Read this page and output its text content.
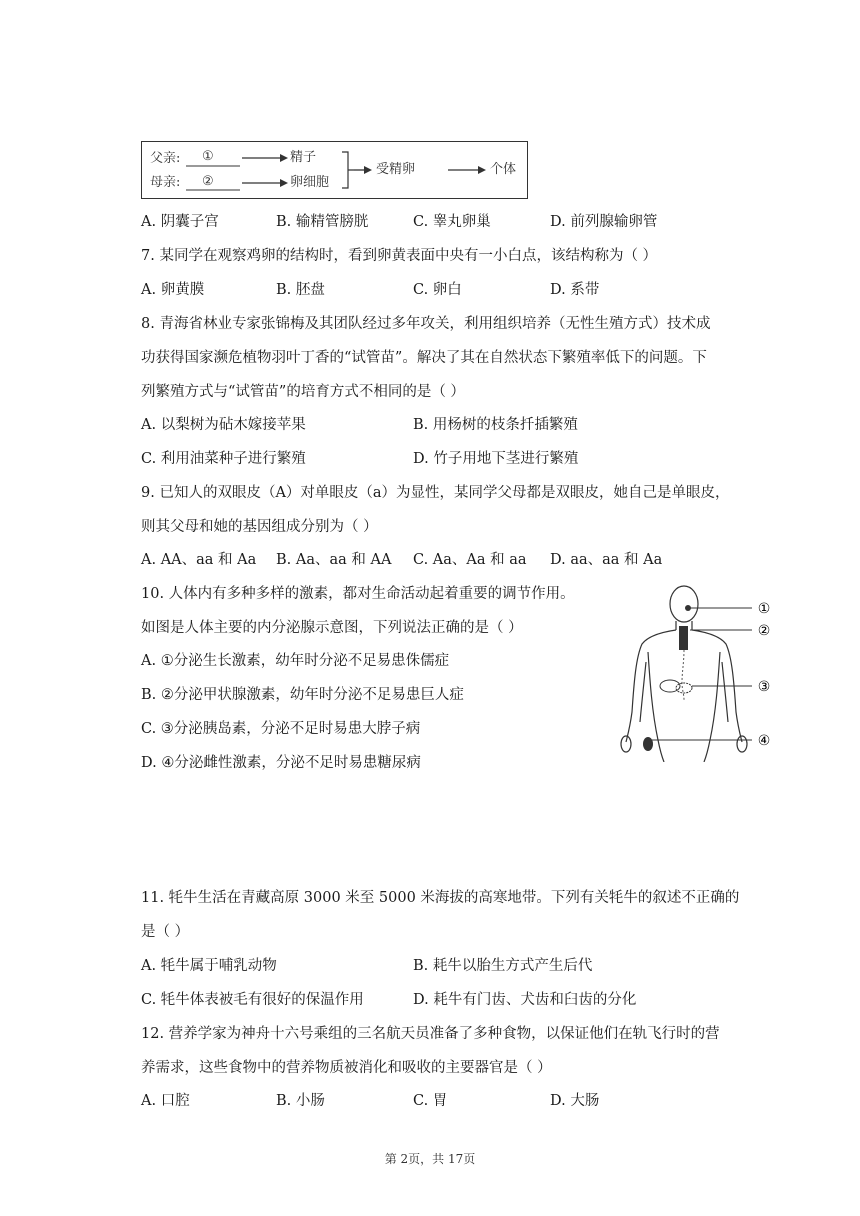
父亲:
母亲:
①
②
精子
卵细胞
受精卵	个体
A. 阴囊子宫	B. 输精管膀胱	C. 睾丸卵巢	D. 前列腺输卵管
7. 某同学在观察鸡卵的结构时，看到卵黄表面中央有一小白点，该结构称为（ ）
A. 卵黄膜	B. 胚盘	C. 卵白	D. 系带
8. 青海省林业专家张锦梅及其团队经过多年攻关，利用组织培养（无性生殖方式）技术成
功获得国家濒危植物羽叶丁香的“试管苗”。解决了其在自然状态下繁殖率低下的问题。下
列繁殖方式与“试管苗”的培育方式不相同的是（ ）
A. 以梨树为砧木嫁接苹果	B. 用杨树的枝条扦插繁殖
C. 利用油菜种子进行繁殖	D. 竹子用地下茎进行繁殖
9. 已知人的双眼皮（A）对单眼皮（a）为显性，某同学父母都是双眼皮，她自己是单眼皮，
则其父母和她的基因组成分别为（ ）
A. AA、aa 和 Aa B. Aa、aa 和 AA C. Aa、Aa 和 aa D. aa、aa 和 Aa
10. 人体内有多种多样的激素，都对生命活动起着重要的调节作用。
如图是人体主要的内分泌腺示意图，下列说法正确的是（ ）
A. ①分泌生长激素，幼年时分泌不足易患侏儒症
B. ②分泌甲状腺激素，幼年时分泌不足易患巨人症
C. ③分泌胰岛素，分泌不足时易患大脖子病
D. ④分泌雌性激素，分泌不足时易患糖尿病
①
②
③
④
11. 牦牛生活在青藏高原 3000 米至 5000 米海拔的高寒地带。下列有关牦牛的叙述不正确的
是（ ）
A. 牦牛属于哺乳动物	B. 耗牛以胎生方式产生后代
C. 牦牛体表被毛有很好的保温作用	D. 耗牛有门齿、犬齿和臼齿的分化
12. 营养学家为神舟十六号乘组的三名航天员准备了多种食物，以保证他们在轨飞行时的营
养需求，这些食物中的营养物质被消化和吸收的主要器官是（ ）
A. 口腔	B. 小肠	C. 胃	D. 大肠
第 2页，共 17页
